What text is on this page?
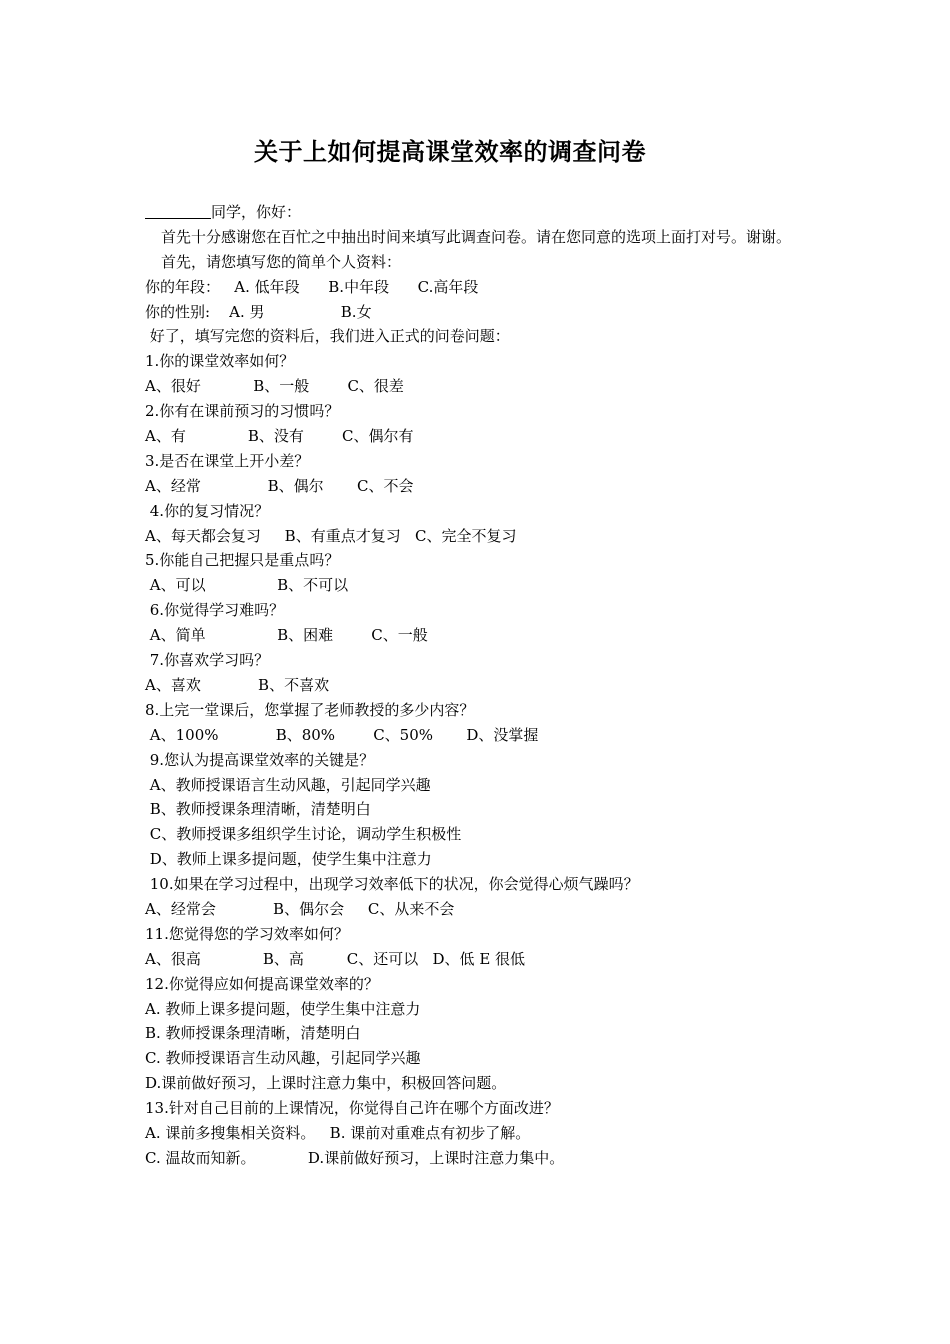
关于上如何提高课堂效率的调查问卷
同学，你好：
首先十分感谢您在百忙之中抽出时间来填写此调查问卷。请在您同意的选项上面打对号。谢谢。
首先，请您填写您的简单个人资料：
你的年段：   A. 低年段      B.中年段      C.高年段
你的性别:    A. 男                B.女
好了，填写完您的资料后，我们进入正式的问卷问题：
1.你的课堂效率如何？
A、很好           B、一般        C、很差
2.你有在课前预习的习惯吗？
A、有             B、没有        C、偶尔有
3.是否在课堂上开小差？
A、经常              B、偶尔       C、不会
4.你的复习情况？
A、每天都会复习     B、有重点才复习   C、完全不复习
5.你能自己把握只是重点吗？
A、可以               B、不可以
6.你觉得学习难吗？
A、简单               B、困难        C、一般
7.你喜欢学习吗？
A、喜欢            B、不喜欢
8.上完一堂课后，您掌握了老师教授的多少内容？
A、100%            B、80%        C、50%       D、没掌握
9.您认为提高课堂效率的关键是？
A、教师授课语言生动风趣，引起同学兴趣
B、教师授课条理清晰，清楚明白
C、教师授课多组织学生讨论，调动学生积极性
D、教师上课多提问题，使学生集中注意力
10.如果在学习过程中，出现学习效率低下的状况，你会觉得心烦气躁吗？
A、经常会            B、偶尔会     C、从来不会
11.您觉得您的学习效率如何？
A、很高             B、高         C、还可以   D、低 E 很低
12.你觉得应如何提高课堂效率的？
A. 教师上课多提问题，使学生集中注意力
B. 教师授课条理清晰，清楚明白
C. 教师授课语言生动风趣，引起同学兴趣
D.课前做好预习，上课时注意力集中，积极回答问题。
13.针对自己目前的上课情况，你觉得自己许在哪个方面改进？
A. 课前多搜集相关资料。   B. 课前对重难点有初步了解。
C. 温故而知新。           D.课前做好预习，上课时注意力集中。
